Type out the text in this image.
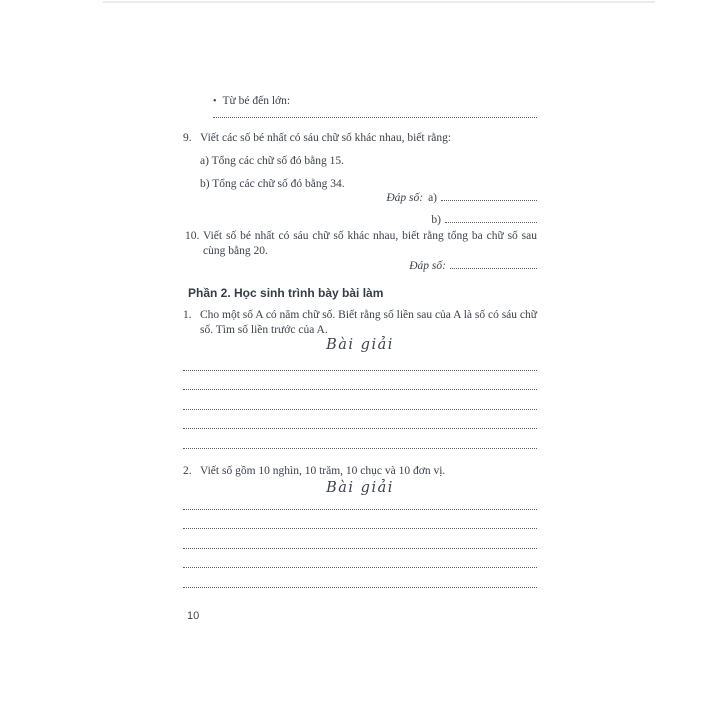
• Từ bé đến lớn:
9. Viết các số bé nhất có sáu chữ số khác nhau, biết rằng:
a) Tổng các chữ số đó bằng 15.
b) Tổng các chữ số đó bằng 34.
Đáp số: a)
b)
10. Viết số bé nhất có sáu chữ số khác nhau, biết rằng tổng ba chữ số sau cùng bằng 20.
Đáp số:
Phần 2. Học sinh trình bày bài làm
1. Cho một số A có năm chữ số. Biết rằng số liền sau của A là số có sáu chữ số. Tìm số liền trước của A.
Bài giải
2. Viết số gồm 10 nghìn, 10 trăm, 10 chục và 10 đơn vị.
Bài giải
10
